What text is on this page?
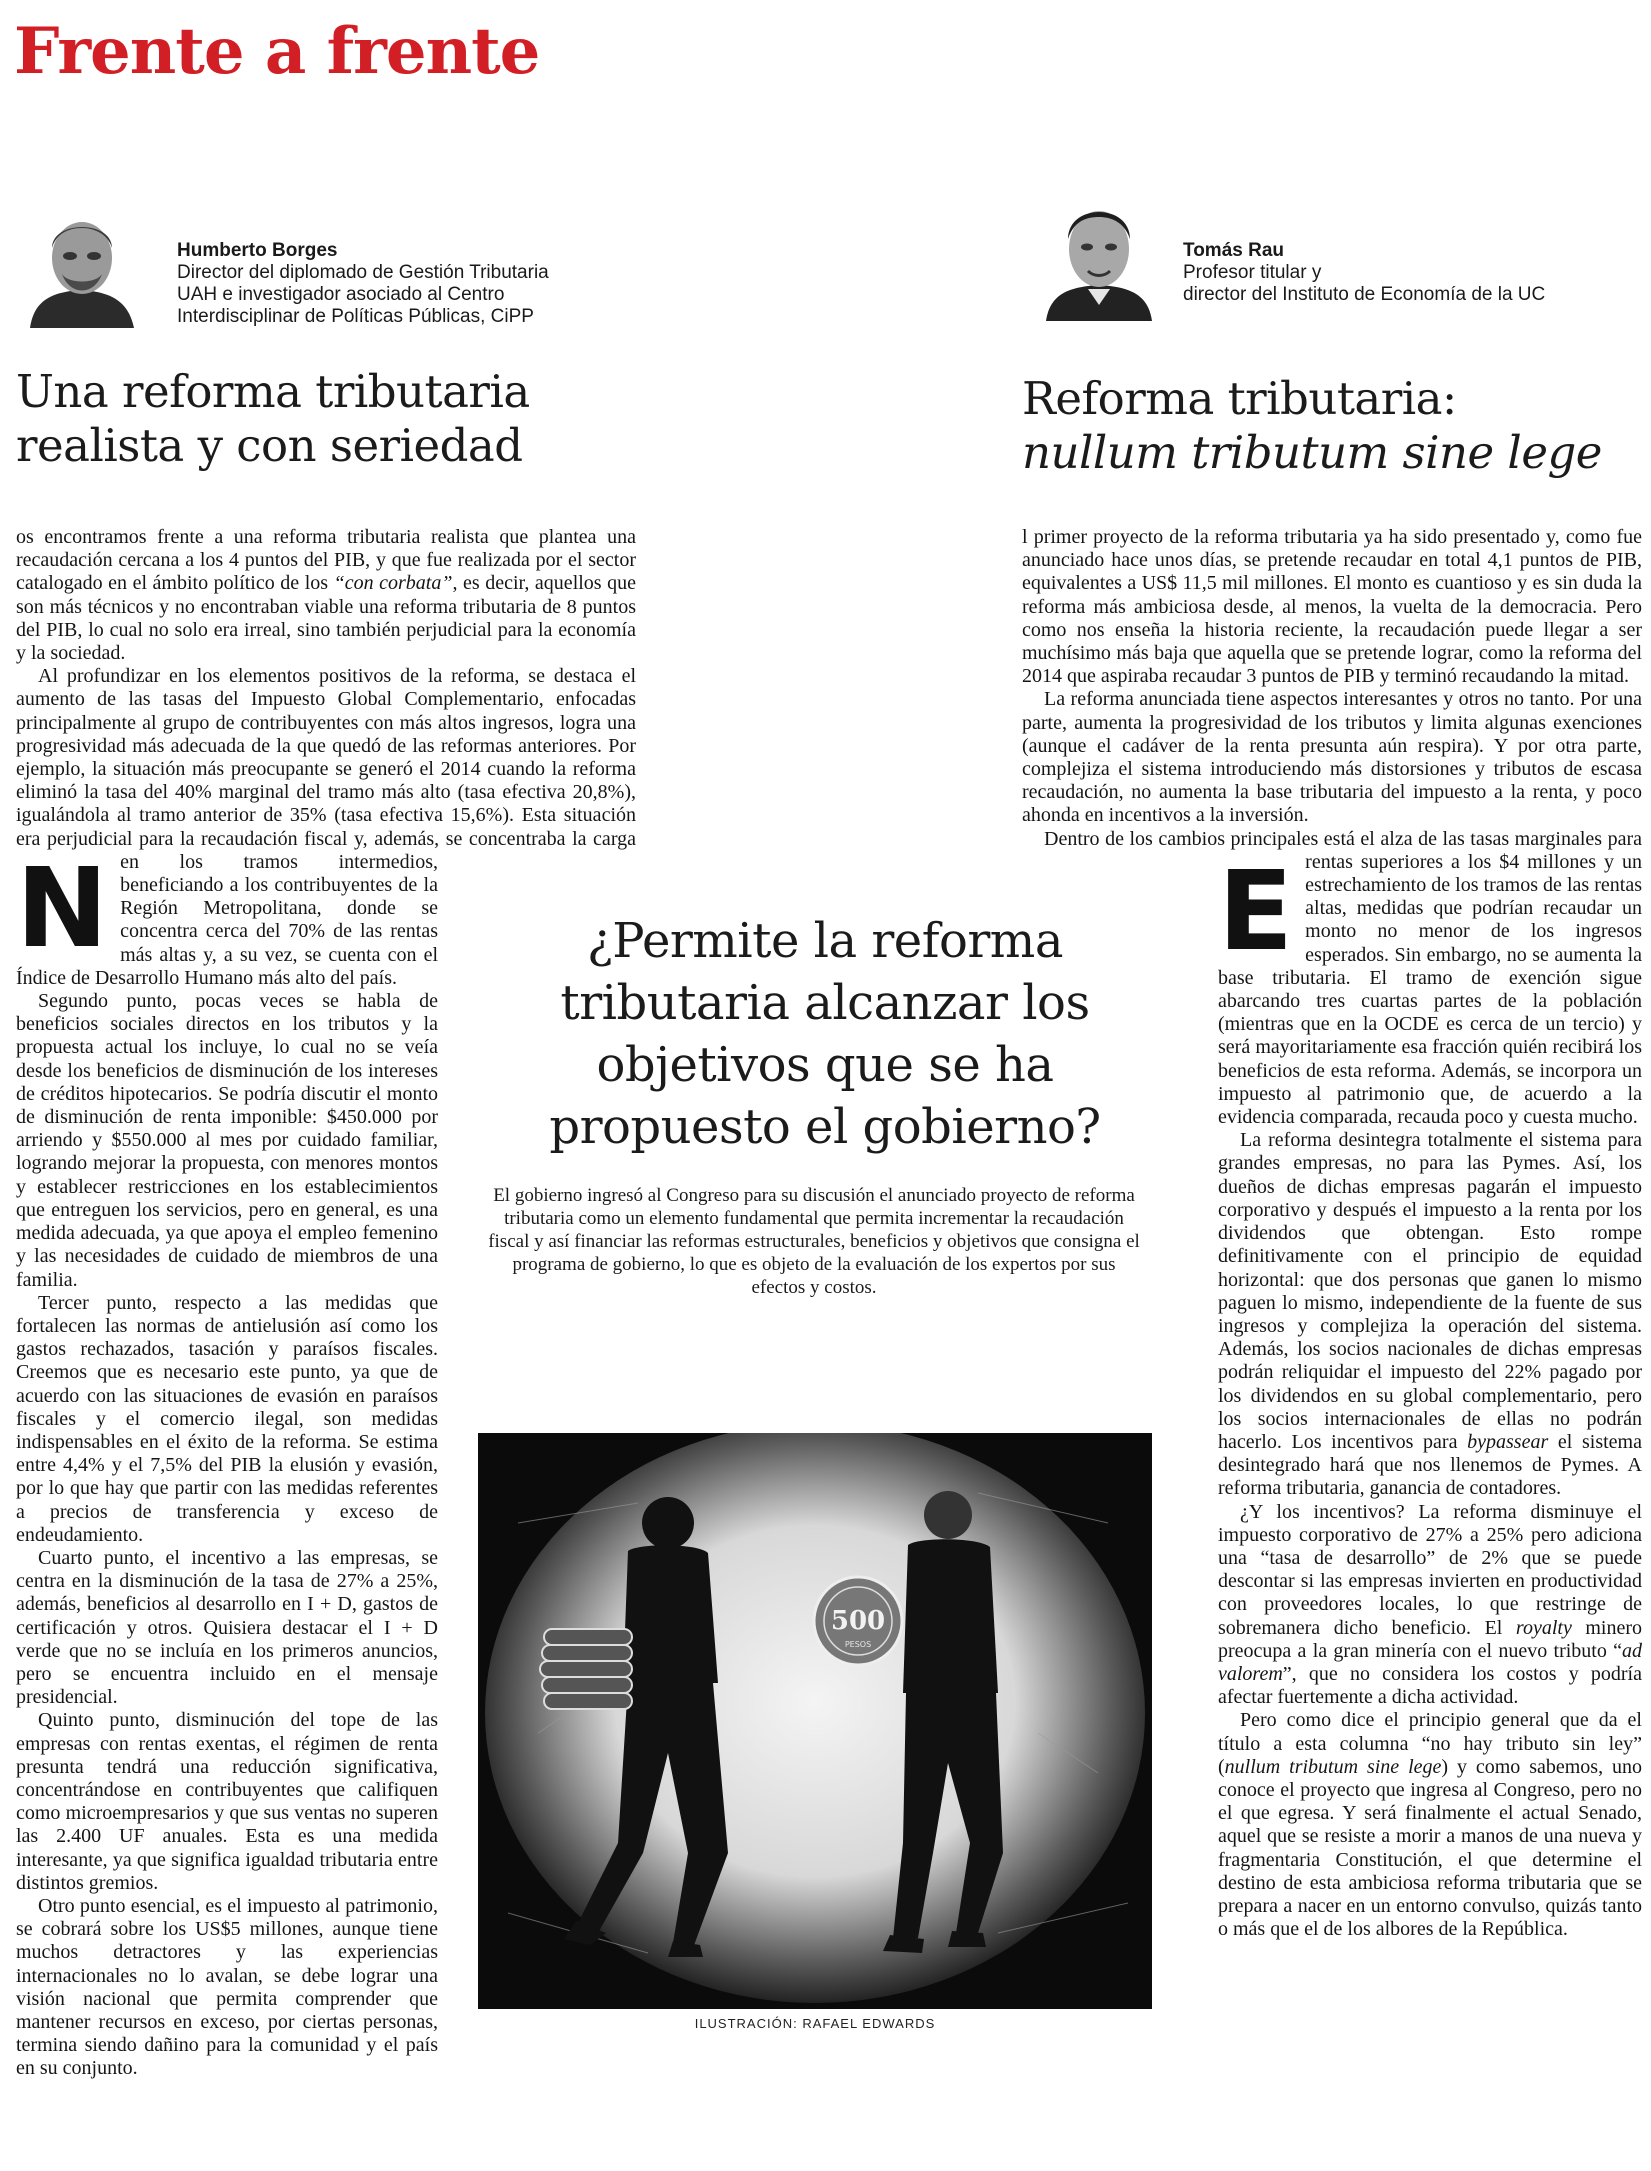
Frente a frente
Humberto Borges
Director del diplomado de Gestión Tributaria
UAH e investigador asociado al Centro
Interdisciplinar de Políticas Públicas, CiPP
Una reforma tributaria
realista y con seriedad
Tomás Rau
Profesor titular y
director del Instituto de Economía de la UC
Reforma tributaria:
nullum tributum sine lege

N
os encontramos frente a una reforma tributaria realista que plantea una recaudación cercana a los 4 puntos del PIB, y que fue realizada por el sector catalogado en el ámbito político de los “con corbata”, es decir, aquellos que son más técnicos y no encontraban viable una reforma tributaria de 8 puntos del PIB, lo cual no solo era irreal, sino también perjudicial para la economía y la sociedad.

Al profundizar en los elementos positivos de la reforma, se destaca el aumento de las tasas del Impuesto Global Complementario, enfocadas principalmente al grupo de contribuyentes con más altos ingresos, logra una progresividad más adecuada de la que quedó de las reformas anteriores. Por ejemplo, la situación más preocupante se generó el 2014 cuando la reforma eliminó la tasa del 40% marginal del tramo más alto (tasa efectiva 20,8%), igualándola al tramo anterior de 35% (tasa efectiva 15,6%). Esta situación era perjudicial para la recaudación fiscal y, además, se concentraba la carga en los tramos intermedios, beneficiando a los contribuyentes de la Región Metropolitana, donde se concentra cerca del 70% de las rentas más altas y, a su vez, se cuenta con el Índice de Desarrollo Humano más alto del país.

Segundo punto, pocas veces se habla de beneficios sociales directos en los tributos y la propuesta actual los incluye, lo cual no se veía desde los beneficios de disminución de los intereses de créditos hipotecarios. Se podría discutir el monto de disminución de renta imponible: $450.000 por arriendo y $550.000 al mes por cuidado familiar, logrando mejorar la propuesta, con menores montos y establecer restricciones en los establecimientos que entreguen los servicios, pero en general, es una medida adecuada, ya que apoya el empleo femenino y las necesidades de cuidado de miembros de una familia.

Tercer punto, respecto a las medidas que fortalecen las normas de antielusión así como los gastos rechazados, tasación y paraísos fiscales. Creemos que es necesario este punto, ya que de acuerdo con las situaciones de evasión en paraísos fiscales y el comercio ilegal, son medidas indispensables en el éxito de la reforma. Se estima entre 4,4% y el 7,5% del PIB la elusión y evasión, por lo que hay que partir con las medidas referentes a precios de transferencia y exceso de endeudamiento.

Cuarto punto, el incentivo a las empresas, se centra en la disminución de la tasa de 27% a 25%, además, beneficios al desarrollo en I + D, gastos de certificación y otros. Quisiera destacar el I + D verde que no se incluía en los primeros anuncios, pero se encuentra incluido en el mensaje presidencial.

Quinto punto, disminución del tope de las empresas con rentas exentas, el régimen de renta presunta tendrá una reducción significativa, concentrándose en contribuyentes que califiquen como microempresarios y que sus ventas no superen las 2.400 UF anuales. Esta es una medida interesante, ya que significa igualdad tributaria entre distintos gremios.

Otro punto esencial, es el impuesto al patrimonio, se cobrará sobre los US$5 millones, aunque tiene muchos detractores y las experiencias internacionales no lo avalan, se debe lograr una visión nacional que permita comprender que mantener recursos en exceso, por ciertas personas, termina siendo dañino para la comunidad y el país en su conjunto.

E
l primer proyecto de la reforma tributaria ya ha sido presentado y, como fue anunciado hace unos días, se pretende recaudar en total 4,1 puntos de PIB, equivalentes a US$ 11,5 mil millones. El monto es cuantioso y es sin duda la reforma más ambiciosa desde, al menos, la vuelta de la democracia. Pero como nos enseña la historia reciente, la recaudación puede llegar a ser muchísimo más baja que aquella que se pretende lograr, como la reforma del 2014 que aspiraba recaudar 3 puntos de PIB y terminó recaudando la mitad.

La reforma anunciada tiene aspectos interesantes y otros no tanto. Por una parte, aumenta la progresividad de los tributos y limita algunas exenciones (aunque el cadáver de la renta presunta aún respira). Y por otra parte, complejiza el sistema introduciendo más distorsiones y tributos de escasa recaudación, no aumenta la base tributaria del impuesto a la renta, y poco ahonda en incentivos a la inversión.

Dentro de los cambios principales está el alza de las tasas marginales para rentas superiores a los $4 millones y un estrechamiento de los tramos de las rentas altas, medidas que podrían recaudar un monto no menor de los ingresos esperados. Sin embargo, no se aumenta la base tributaria. El tramo de exención sigue abarcando tres cuartas partes de la población (mientras que en la OCDE es cerca de un tercio) y será mayoritariamente esa fracción quién recibirá los beneficios de esta reforma. Además, se incorpora un impuesto al patrimonio que, de acuerdo a la evidencia comparada, recauda poco y cuesta mucho.

La reforma desintegra totalmente el sistema para grandes empresas, no para las Pymes. Así, los dueños de dichas empresas pagarán el impuesto corporativo y después el impuesto a la renta por los dividendos que obtengan. Esto rompe definitivamente con el principio de equidad horizontal: que dos personas que ganen lo mismo paguen lo mismo, independiente de la fuente de sus ingresos y complejiza la operación del sistema. Además, los socios nacionales de dichas empresas podrán reliquidar el impuesto del 22% pagado por los dividendos en su global complementario, pero los socios internacionales de ellas no podrán hacerlo. Los incentivos para bypassear el sistema desintegrado hará que nos llenemos de Pymes. A reforma tributaria, ganancia de contadores.

¿Y los incentivos? La reforma disminuye el impuesto corporativo de 27% a 25% pero adiciona una “tasa de desarrollo” de 2% que se puede descontar si las empresas invierten en productividad con proveedores locales, lo que restringe de sobremanera dicho beneficio. El royalty minero preocupa a la gran minería con el nuevo tributo “ad valorem”, que no considera los costos y podría afectar fuertemente a dicha actividad.

Pero como dice el principio general que da el título a esta columna “no hay tributo sin ley” (nullum tributum sine lege) y como sabemos, uno conoce el proyecto que ingresa al Congreso, pero no el que egresa. Y será finalmente el actual Senado, aquel que se resiste a morir a manos de una nueva y fragmentaria Constitución, el que determine el destino de esta ambiciosa reforma tributaria que se prepara a nacer en un entorno convulso, quizás tanto o más que el de los albores de la República.

¿Permite la reforma
tributaria alcanzar los
objetivos que se ha
propuesto el gobierno?
El gobierno ingresó al Congreso para su discusión el anunciado proyecto de reforma tributaria como un elemento fundamental que permita incrementar la recaudación fiscal y así financiar las reformas estructurales, beneficios y objetivos que consigna el programa de gobierno, lo que es objeto de la evaluación de los expertos por sus efectos y costos.
500
PESOS
ILUSTRACIÓN: RAFAEL EDWARDS
